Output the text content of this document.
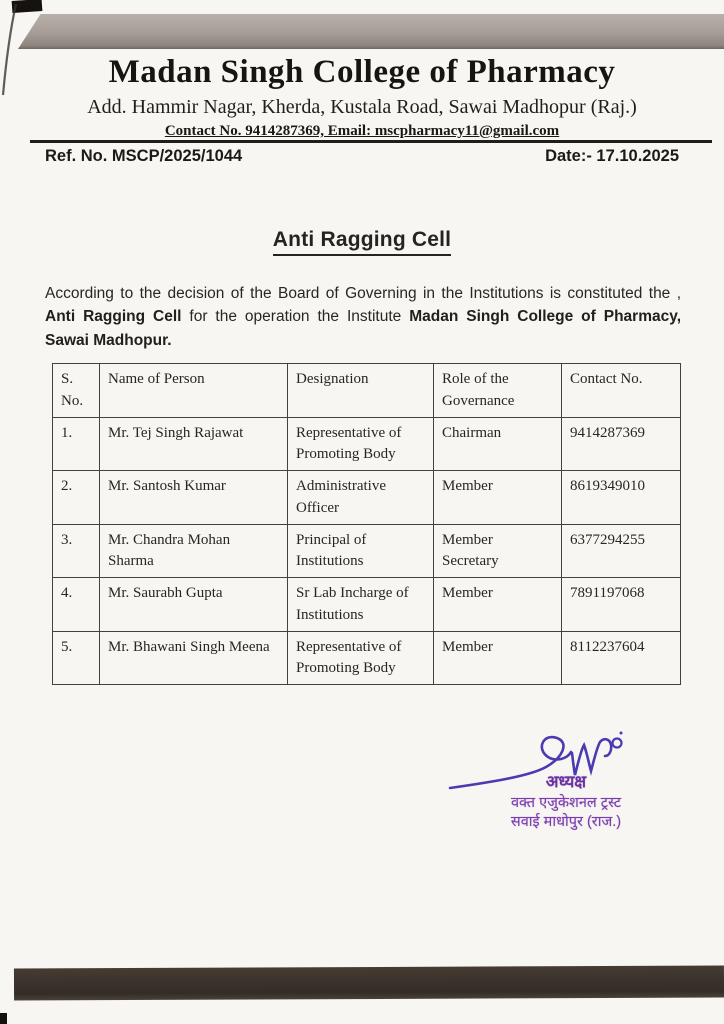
Madan Singh College of Pharmacy
Add. Hammir Nagar, Kherda, Kustala Road, Sawai Madhopur (Raj.)
Contact No. 9414287369, Email: mscpharmacy11@gmail.com
Ref. No. MSCP/2025/1044	Date:- 17.10.2025
Anti Ragging Cell
According to the decision of the Board of Governing in the Institutions is constituted the , Anti Ragging Cell for the operation the Institute Madan Singh College of Pharmacy, Sawai Madhopur.
S. No.	Name of Person	Designation	Role of the Governance	Contact No.
1.	Mr. Tej Singh Rajawat	Representative of Promoting Body	Chairman	9414287369
2.	Mr. Santosh Kumar	Administrative Officer	Member	8619349010
3.	Mr. Chandra Mohan Sharma	Principal of Institutions	Member Secretary	6377294255
4.	Mr. Saurabh Gupta	Sr Lab Incharge of Institutions	Member	7891197068
5.	Mr. Bhawani Singh Meena	Representative of Promoting Body	Member	8112237604
अध्यक्ष
वक्त एजुकेशनल ट्रस्ट
सवाई माधोपुर (राज.)
